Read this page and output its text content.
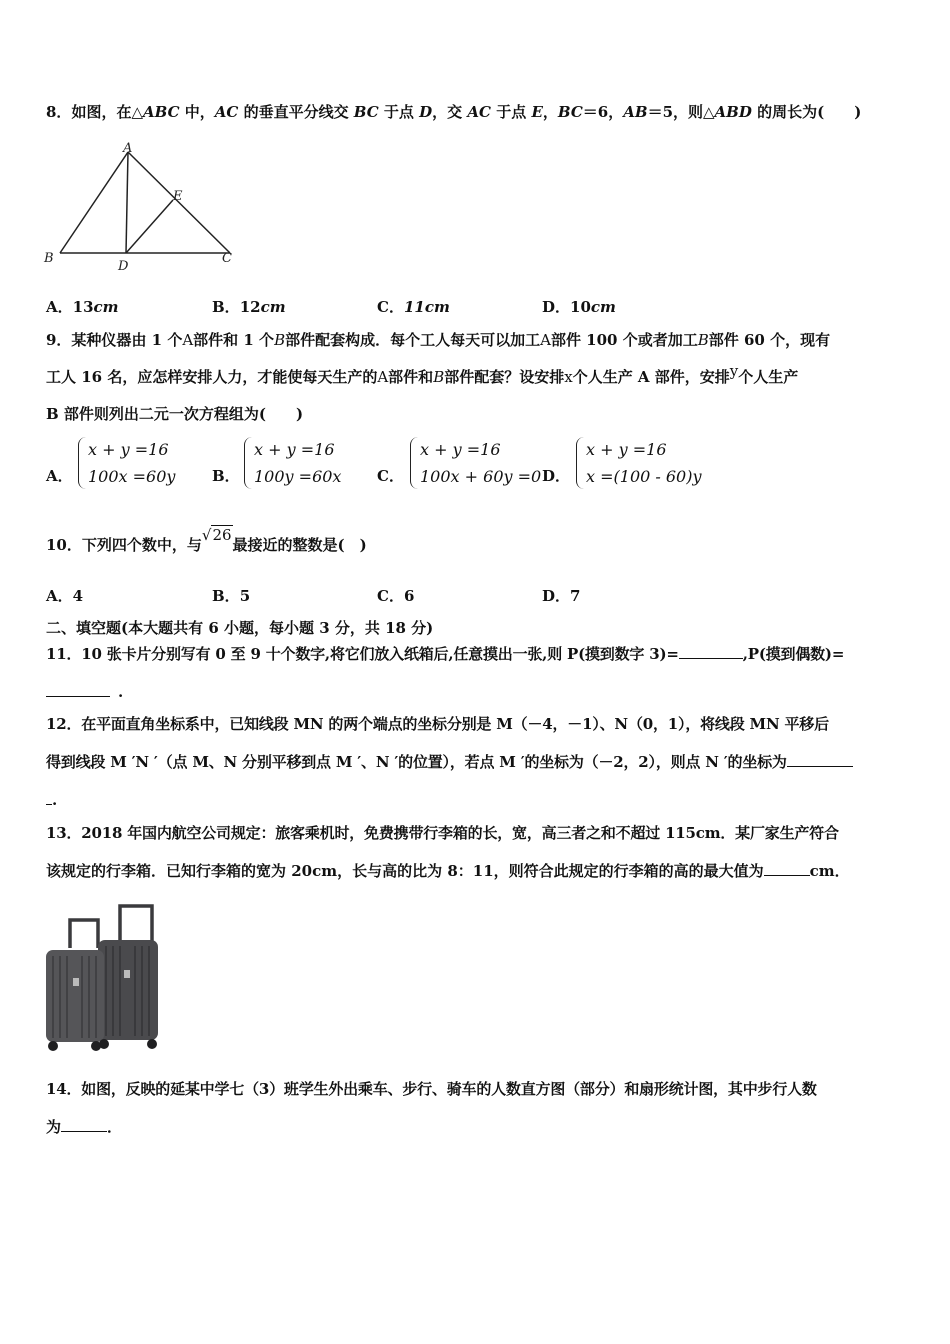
8．如图，在△ABC 中，AC 的垂直平分线交 BC 于点 D，交 AC 于点 E，BC＝6，AB＝5，则△ABD 的周长为(　　)
A
B	C
D
E
A．13cm	B．12cm	C．11cm	D．10cm
9．某种仪器由 1 个A部件和 1 个B部件配套构成．每个工人每天可以加工A部件 100 个或者加工B部件 60 个，现有
工人 16 名，应怎样安排人力，才能使每天生产的A部件和B部件配套？设安排x个人生产 A 部件，安排y个人生产
B 部件则列出二元一次方程组为(　　)
A．
x + y =16
100x =60y B．
x + y =16
100y =60x C．
x + y =16
100x + 60y =0 D．
x + y =16
x =(100 - 60)y
10．下列四个数中，与√26最接近的整数是(　)
A．4	B．5	C．6	D．7
二、填空题(本大题共有 6 小题，每小题 3 分，共 18 分)
11．10 张卡片分别写有 0 至 9 十个数字,将它们放入纸箱后,任意摸出一张,则 P(摸到数字 3)=	,P(摸到偶数)=
.
12．在平面直角坐标系中，已知线段 MN 的两个端点的坐标分别是 M（－4，－1）、N（0，1），将线段 MN 平移后
得到线段 M ′N ′（点 M、N 分别平移到点 M ′、N ′的位置），若点 M ′的坐标为（－2，2），则点 N ′的坐标为
.
13．2018 年国内航空公司规定：旅客乘机时，免费携带行李箱的长，宽，高三者之和不超过 115cm．某厂家生产符合
该规定的行李箱．已知行李箱的宽为 20cm，长与高的比为 8：11，则符合此规定的行李箱的高的最大值为	cm．
14．如图，反映的延某中学七（3）班学生外出乘车、步行、骑车的人数直方图（部分）和扇形统计图，其中步行人数
为	．
